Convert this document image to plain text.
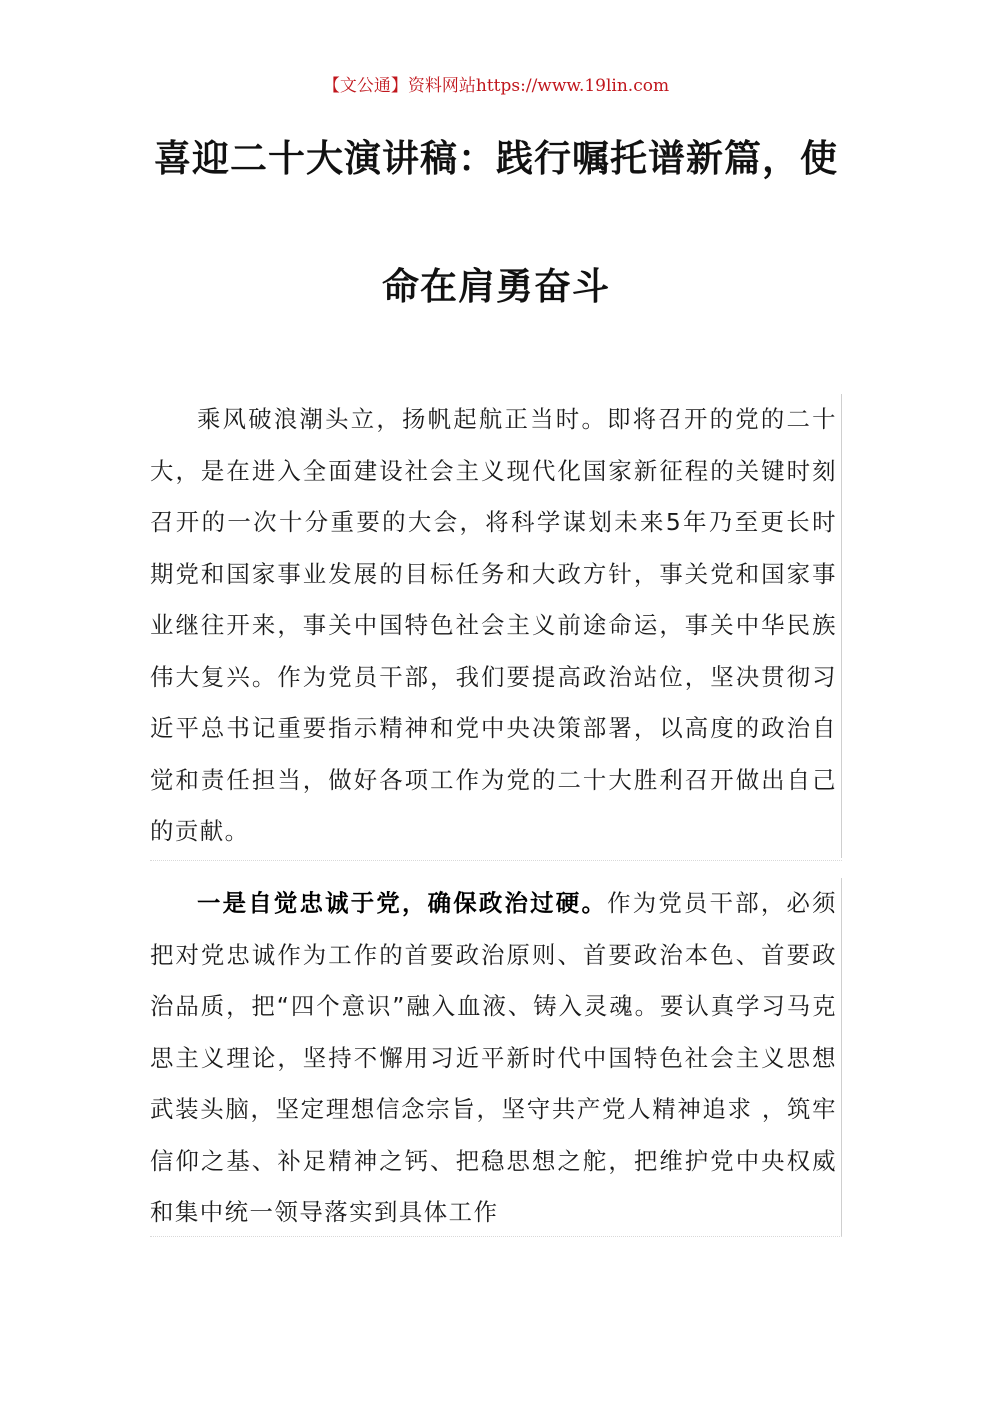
【文公通】资料网站https://www.19lin.com
喜迎二十大演讲稿：践行嘱托谱新篇，使
命在肩勇奋斗

乘风破浪潮头立，扬帆起航正当时。即将召开的党的二十大，是在进入全面建设社会主义现代化国家新征程的关键时刻召开的一次十分重要的大会，将科学谋划未来5年乃至更长时期党和国家事业发展的目标任务和大政方针，事关党和国家事业继往开来，事关中国特色社会主义前途命运，事关中华民族伟大复兴。作为党员干部，我们要提高政治站位，坚决贯彻习近平总书记重要指示精神和党中央决策部署，以高度的政治自觉和责任担当，做好各项工作为党的二十大胜利召开做出自己的贡献。

一是自觉忠诚于党，确保政治过硬。作为党员干部，必须把对党忠诚作为工作的首要政治原则、首要政治本色、首要政治品质，把“四个意识”融入血液、铸入灵魂。要认真学习马克思主义理论，坚持不懈用习近平新时代中国特色社会主义思想武装头脑，坚定理想信念宗旨，坚守共产党人精神追求 ，筑牢信仰之基、补足精神之钙、把稳思想之舵，把维护党中央权威和集中统一领导落实到具体工作
